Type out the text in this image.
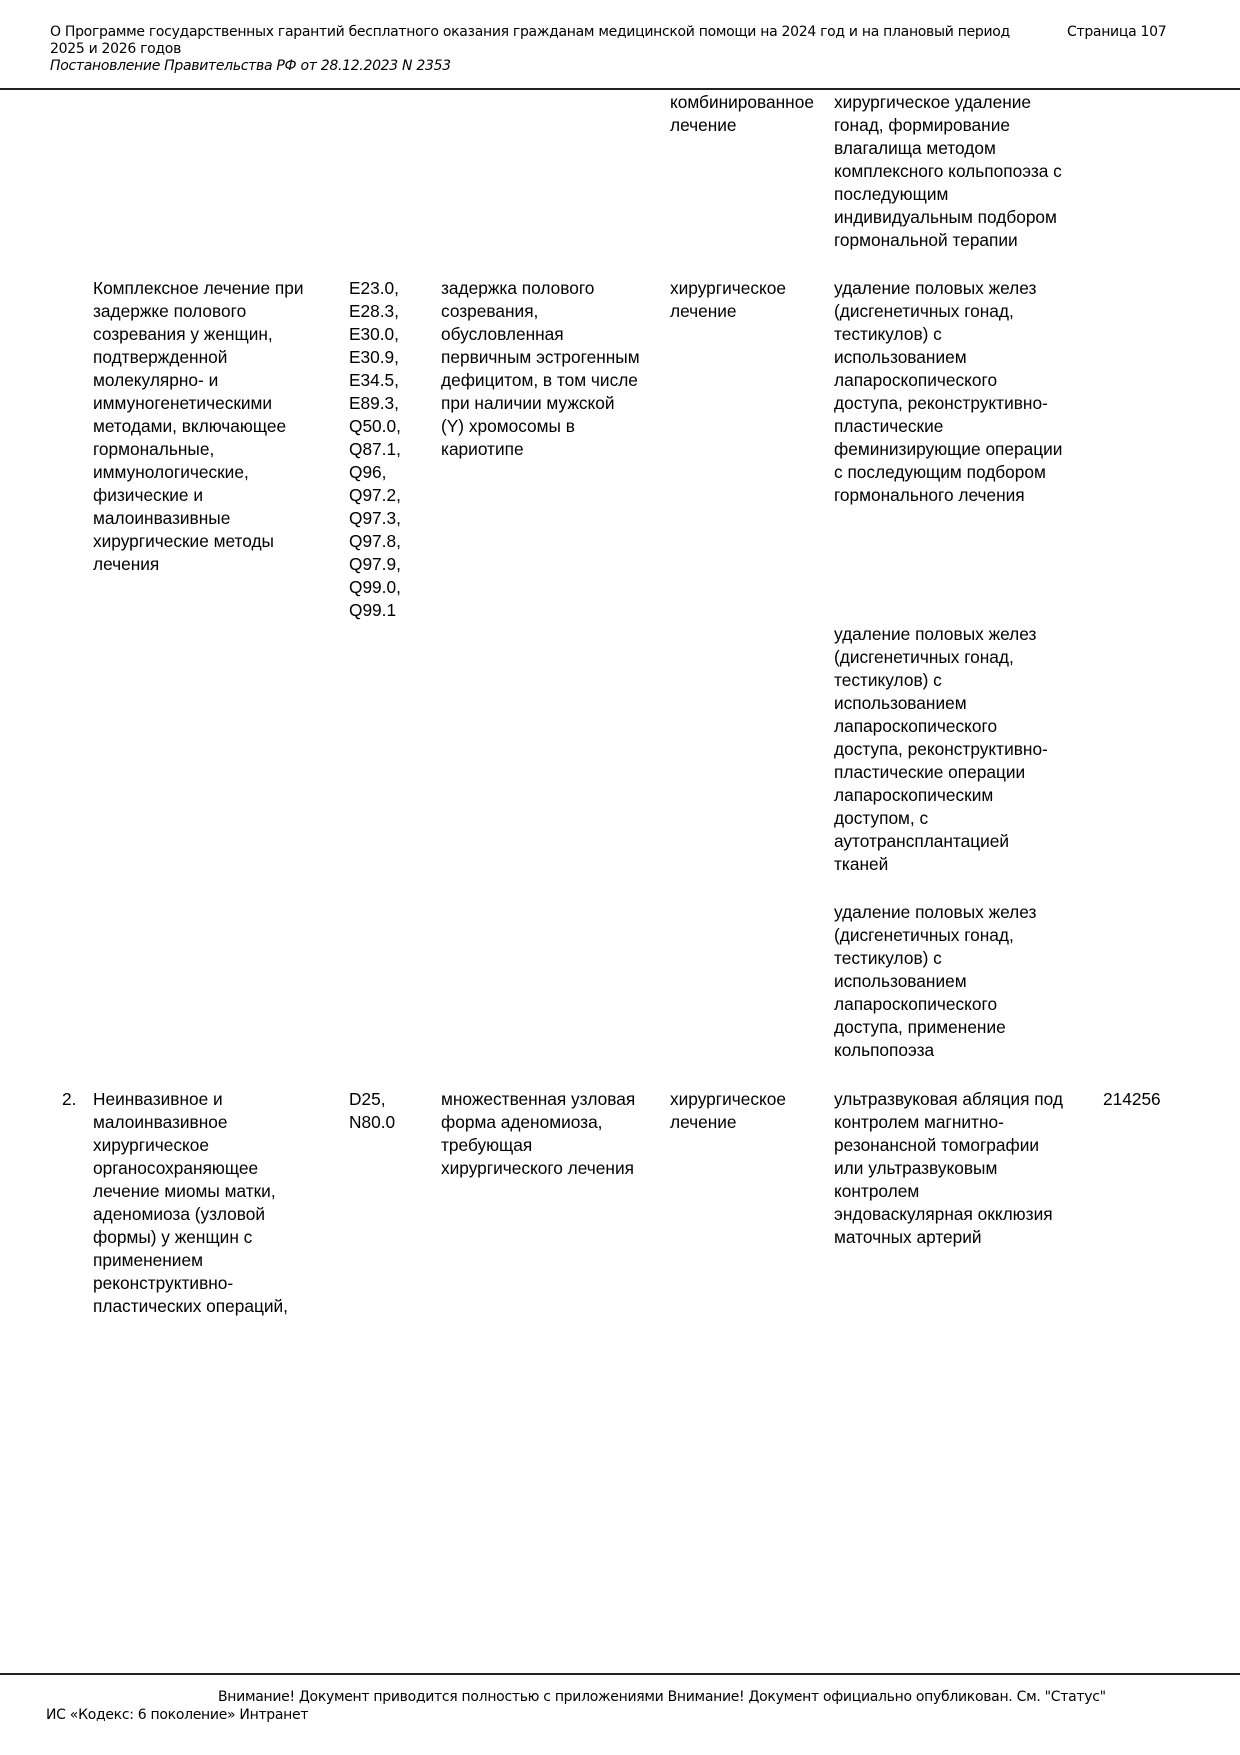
О Программе государственных гарантий бесплатного оказания гражданам медицинской помощи на 2024 год и на плановый период 2025 и 2026 годов
Постановление Правительства РФ от 28.12.2023 N 2353
Страница 107
комбинированное
лечение
хирургическое удаление
гонад, формирование
влагалища методом
комплексного кольпопоэза с
последующим
индивидуальным подбором
гормональной терапии
Комплексное лечение при
задержке полового
созревания у женщин,
подтвержденной
молекулярно- и
иммуногенетическими
методами, включающее
гормональные,
иммунологические,
физические и
малоинвазивные
хирургические методы
лечения
E23.0,
E28.3,
E30.0,
E30.9,
E34.5,
E89.3,
Q50.0,
Q87.1,
Q96,
Q97.2,
Q97.3,
Q97.8,
Q97.9,
Q99.0,
Q99.1
задержка полового
созревания,
обусловленная
первичным эстрогенным
дефицитом, в том числе
при наличии мужской
(Y) хромосомы в
кариотипе
хирургическое
лечение
удаление половых желез
(дисгенетичных гонад,
тестикулов) с
использованием
лапароскопического
доступа, реконструктивно-
пластические
феминизирующие операции
с последующим подбором
гормонального лечения
удаление половых желез
(дисгенетичных гонад,
тестикулов) с
использованием
лапароскопического
доступа, реконструктивно-
пластические операции
лапароскопическим
доступом, с
аутотрансплантацией
тканей
удаление половых желез
(дисгенетичных гонад,
тестикулов) с
использованием
лапароскопического
доступа, применение
кольпопоэза
2. Неинвазивное и
малоинвазивное
хирургическое
органосохраняющее
лечение миомы матки,
аденомиоза (узловой
формы) у женщин с
применением
реконструктивно-
пластических операций,
D25,
N80.0
множественная узловая
форма аденомиоза,
требующая
хирургического лечения
хирургическое
лечение
ультразвуковая абляция под
контролем магнитно-
резонансной томографии
или ультразвуковым
контролем
эндоваскулярная окклюзия
маточных артерий
214256
Внимание! Документ приводится полностью с приложениями Внимание! Документ официально опубликован. См. "Статус"
ИС «Кодекс: 6 поколение» Интранет
